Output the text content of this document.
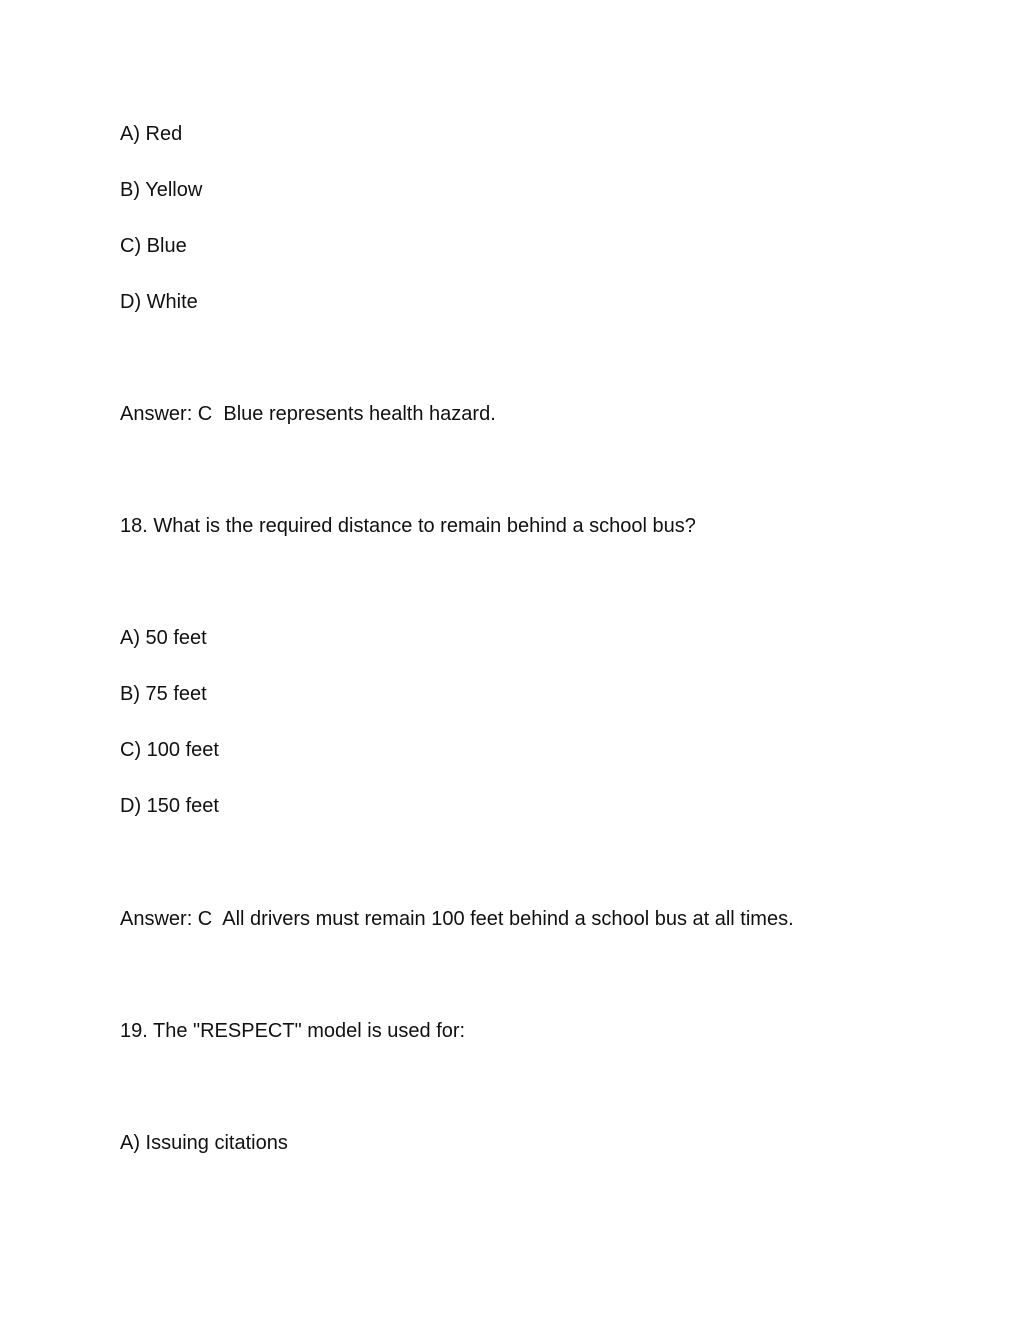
A) Red
B) Yellow
C) Blue
D) White
Answer: C  Blue represents health hazard.
18. What is the required distance to remain behind a school bus?
A) 50 feet
B) 75 feet
C) 100 feet
D) 150 feet
Answer: C  All drivers must remain 100 feet behind a school bus at all times.
19. The "RESPECT" model is used for:
A) Issuing citations
